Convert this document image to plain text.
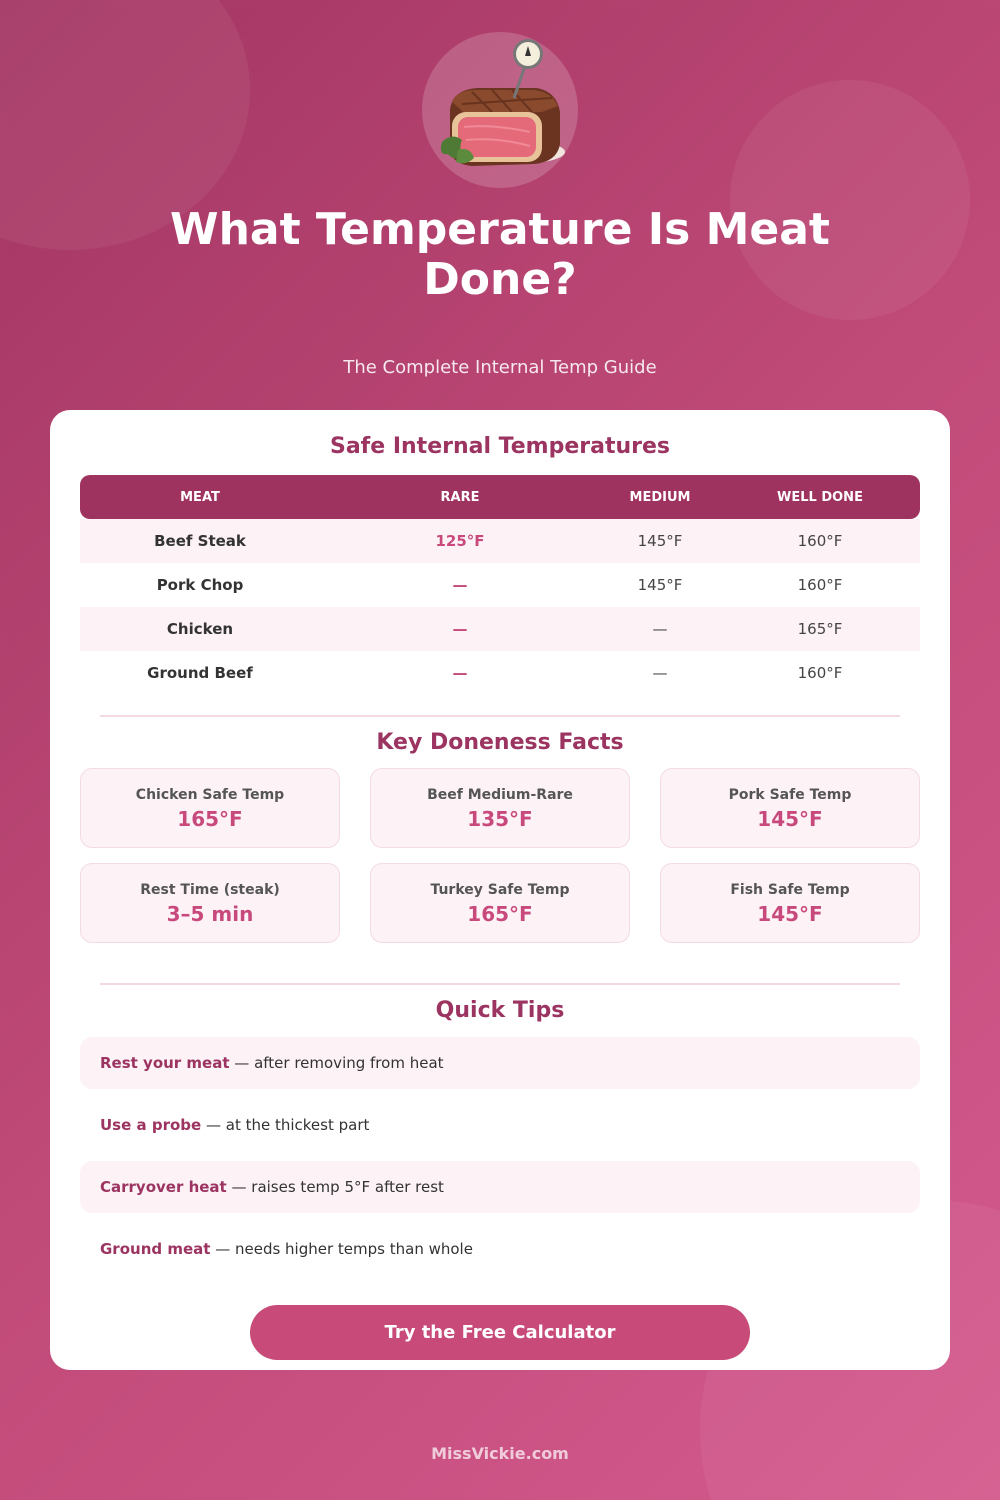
What Temperature Is Meat Done?
The Complete Internal Temp Guide
Safe Internal Temperatures
MEAT	RARE	MEDIUM	WELL DONE
Beef Steak	125°F	145°F	160°F
Pork Chop	—	145°F	160°F
Chicken	—	—	165°F
Ground Beef	—	—	160°F
Key Doneness Facts
Chicken Safe Temp
165°F
Beef Medium-Rare
135°F
Pork Safe Temp
145°F
Rest Time (steak)
3–5 min
Turkey Safe Temp
165°F
Fish Safe Temp
145°F
Quick Tips
Rest your meat — after removing from heat
Use a probe — at the thickest part
Carryover heat — raises temp 5°F after rest
Ground meat — needs higher temps than whole
Try the Free Calculator
MissVickie.com
